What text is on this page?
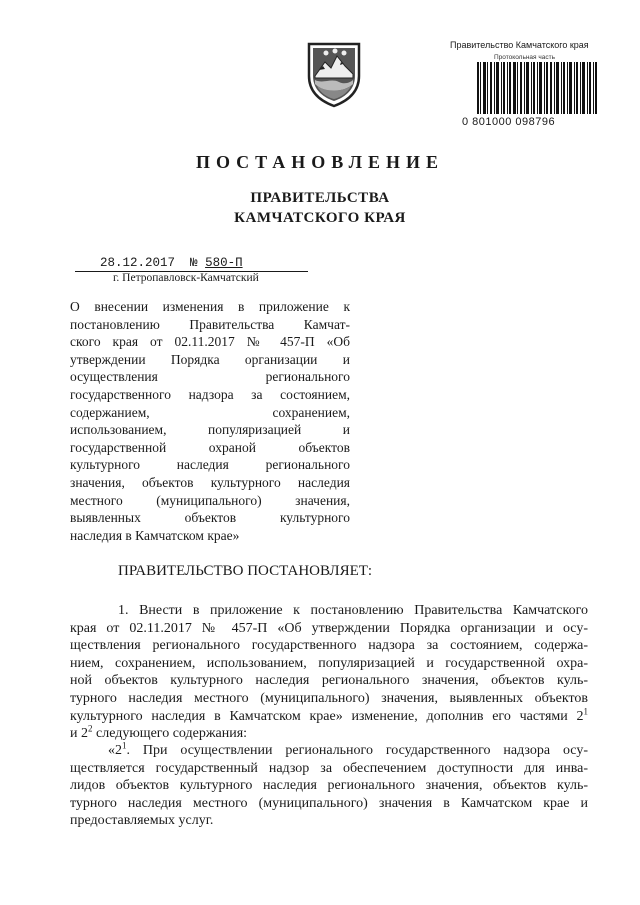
Правительство Камчатского края
Протокольная часть
0 801000 098796
ПОСТАНОВЛЕНИЕ
ПРАВИТЕЛЬСТВА
КАМЧАТСКОГО КРАЯ
28.12.2017 № 580-П
г. Петропавловск-Камчатский
О внесении изменения в приложение к
постановлению Правительства Камчат-
ского края от 02.11.2017 № 457-П «Об
утверждении Порядка организации и
осуществления регионального
государственного надзора за состоянием,
содержанием, сохранением,
использованием, популяризацией и
государственной охраной объектов
культурного наследия регионального
значения, объектов культурного наследия
местного (муниципального) значения,
выявленных объектов культурного
наследия в Камчатском крае»
ПРАВИТЕЛЬСТВО ПОСТАНОВЛЯЕТ:
1. Внести в приложение к постановлению Правительства Камчатского
края от 02.11.2017 № 457-П «Об утверждении Порядка организации и осу-
ществления регионального государственного надзора за состоянием, содержа-
нием, сохранением, использованием, популяризацией и государственной охра-
ной объектов культурного наследия регионального значения, объектов куль-
турного наследия местного (муниципального) значения, выявленных объектов
культурного наследия в Камчатском крае» изменение, дополнив его частями $2^1$
и $2^2$ следующего содержания:
«$2^1$. При осуществлении регионального государственного надзора осу-
ществляется государственный надзор за обеспечением доступности для инва-
лидов объектов культурного наследия регионального значения, объектов куль-
турного наследия местного (муниципального) значения в Камчатском крае и
предоставляемых услуг.
